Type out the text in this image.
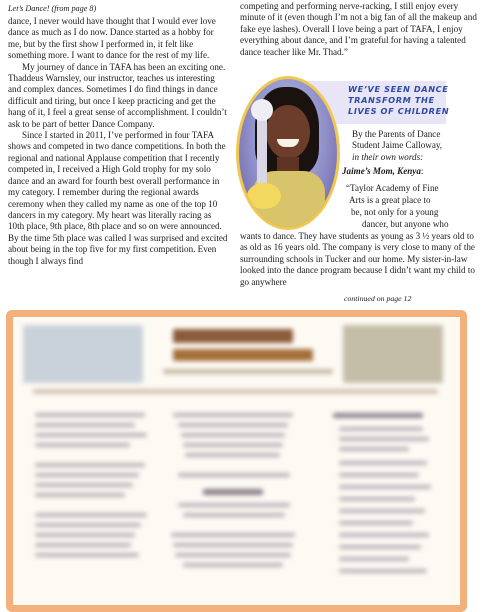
Let’s Dance! (from page 8)

dance, I never would have thought that I would ever love dance as much as I do now. Dance started as a hobby for me, but by the first show I performed in, it felt like something more. I want to dance for the rest of my life.

My journey of dance in TAFA has been an exciting one. Thaddeus Warnsley, our instructor, teaches us interesting and complex dances. Sometimes I do find things in dance difficult and tiring, but once I keep practicing and get the hang of it, I feel a great sense of accomplishment. I couldn’t ask to be part of better Dance Company.

Since I started in 2011, I’ve performed in four TAFA shows and competed in two dance competitions. In both the regional and national Applause competition that I recently competed in, I received a High Gold trophy for my solo dance and an award for fourth best overall performance in my category. I remember during the regional awards ceremony when they called my name as one of the top 10 dancers in my category. My heart was literally racing as 10th place, 9th place, 8th place and so on were announced. By the time 5th place was called I was surprised and excited about being in the top five for my first competition. Even though I always find

competing and performing nerve-racking, I still enjoy every minute of it (even though I’m not a big fan of all the makeup and fake eye lashes). Overall I love being a part of TAFA, I enjoy everything about dance, and I’m grateful for having a talented dance teacher like Mr. Thad.”

WE’VE SEEN DANCE
TRANSFORM THE
LIVES OF CHILDREN
By the Parents of Dance
Student Jaime Calloway,
in their own words:
Jaime’s Mom, Kenya:
“Taylor Academy of Fine
Arts is a great place to
be, not only for a young
dancer, but anyone who

wants to dance. They have students as young as 3 ½ years old to as old as 16 years old. The company is very close to many of the surrounding schools in Tucker and our home. My sister-in-law looked into the dance program because I didn’t want my child to go anywhere

continued on page 12
